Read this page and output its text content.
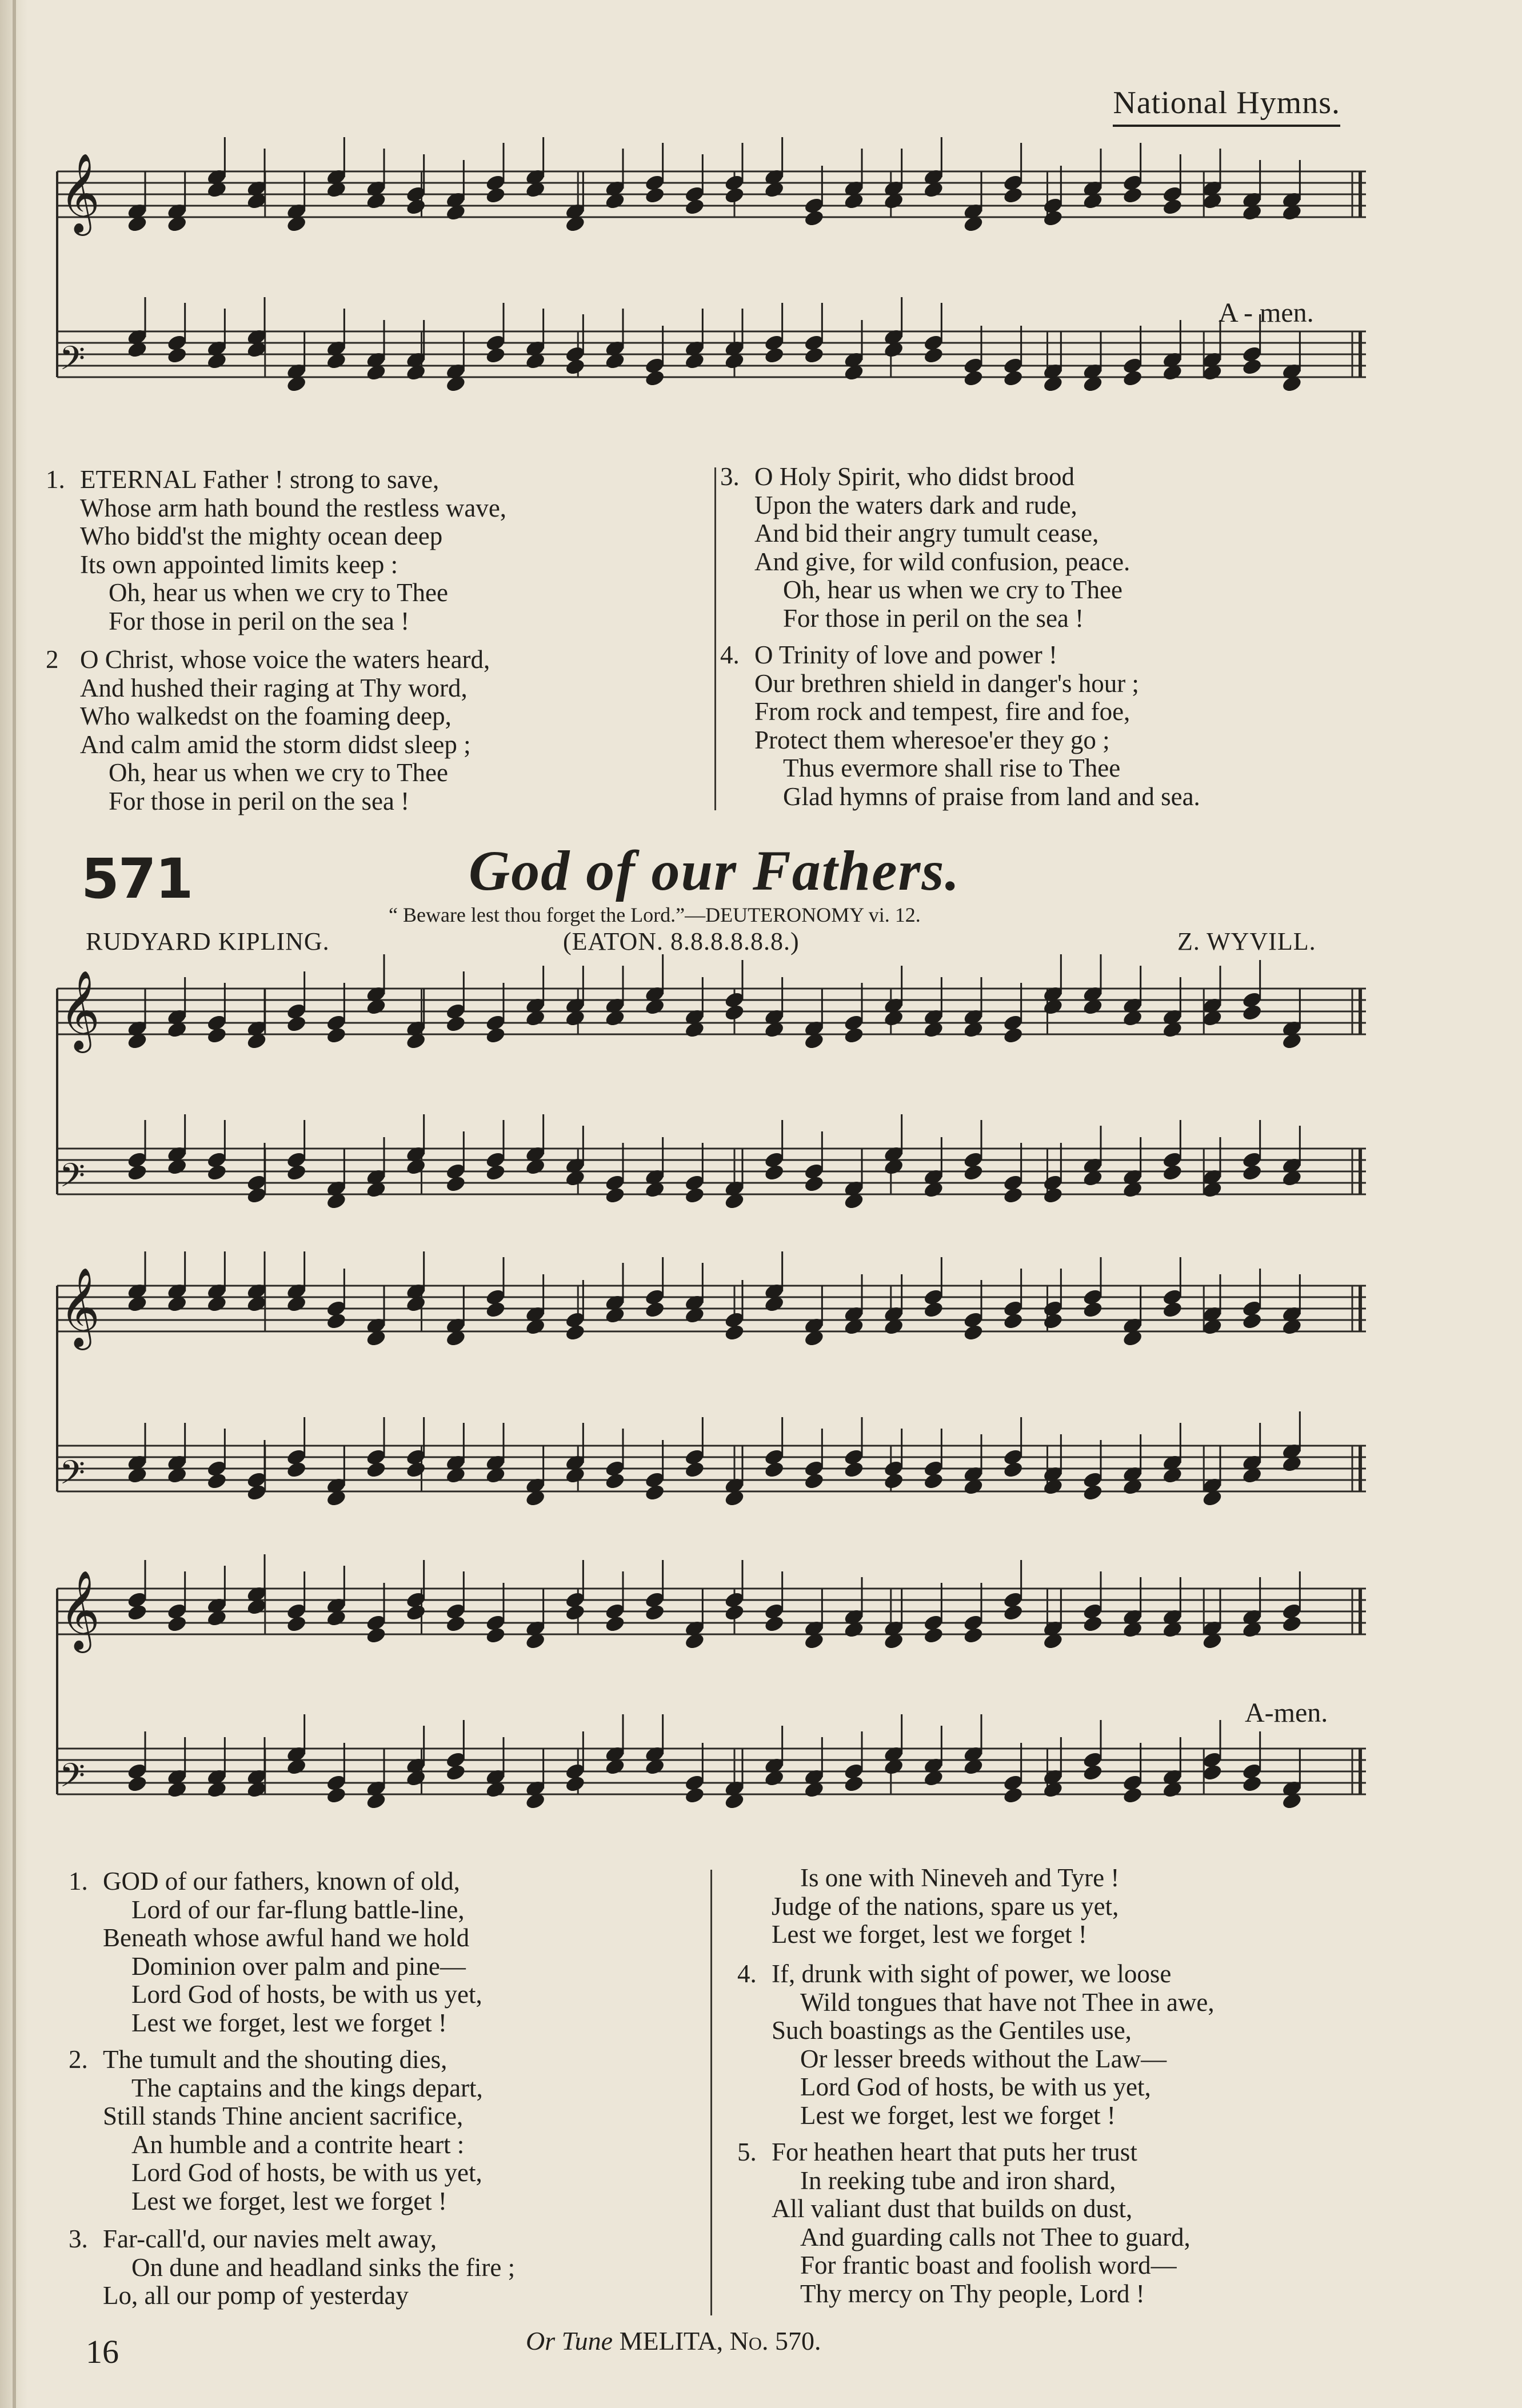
National Hymns.
𝄞
𝄢
A - men.
1. ETERNAL Father ! strong to save,
Whose arm hath bound the restless wave,
Who bidd'st the mighty ocean deep
Its own appointed limits keep :
Oh, hear us when we cry to Thee
For those in peril on the sea !
2 O Christ, whose voice the waters heard,
And hushed their raging at Thy word,
Who walkedst on the foaming deep,
And calm amid the storm didst sleep ;
Oh, hear us when we cry to Thee
For those in peril on the sea !
3. O Holy Spirit, who didst brood
Upon the waters dark and rude,
And bid their angry tumult cease,
And give, for wild confusion, peace.
Oh, hear us when we cry to Thee
For those in peril on the sea !
4. O Trinity of love and power !
Our brethren shield in danger's hour ;
From rock and tempest, fire and foe,
Protect them wheresoe'er they go ;
Thus evermore shall rise to Thee
Glad hymns of praise from land and sea.
571	God of our Fathers.
“ Beware lest thou forget the Lord.”—DEUTERONOMY vi. 12.
RUDYARD KIPLING.	(EATON. 8.8.8.8.8.8.)	Z. WYVILL.
𝄞
𝄢
𝄞
𝄢
𝄞
𝄢
A-men.
1. GOD of our fathers, known of old,
Lord of our far-flung battle-line,
Beneath whose awful hand we hold
Dominion over palm and pine—
Lord God of hosts, be with us yet,
Lest we forget, lest we forget !
2. The tumult and the shouting dies,
The captains and the kings depart,
Still stands Thine ancient sacrifice,
An humble and a contrite heart :
Lord God of hosts, be with us yet,
Lest we forget, lest we forget !
3. Far-call'd, our navies melt away,
On dune and headland sinks the fire ;
Lo, all our pomp of yesterday
Is one with Nineveh and Tyre !
Judge of the nations, spare us yet,
Lest we forget, lest we forget !
4. If, drunk with sight of power, we loose
Wild tongues that have not Thee in awe,
Such boastings as the Gentiles use,
Or lesser breeds without the Law—
Lord God of hosts, be with us yet,
Lest we forget, lest we forget !
5. For heathen heart that puts her trust
In reeking tube and iron shard,
All valiant dust that builds on dust,
And guarding calls not Thee to guard,
For frantic boast and foolish word—
Thy mercy on Thy people, Lord !
16	Or Tune MELITA, No. 570.
